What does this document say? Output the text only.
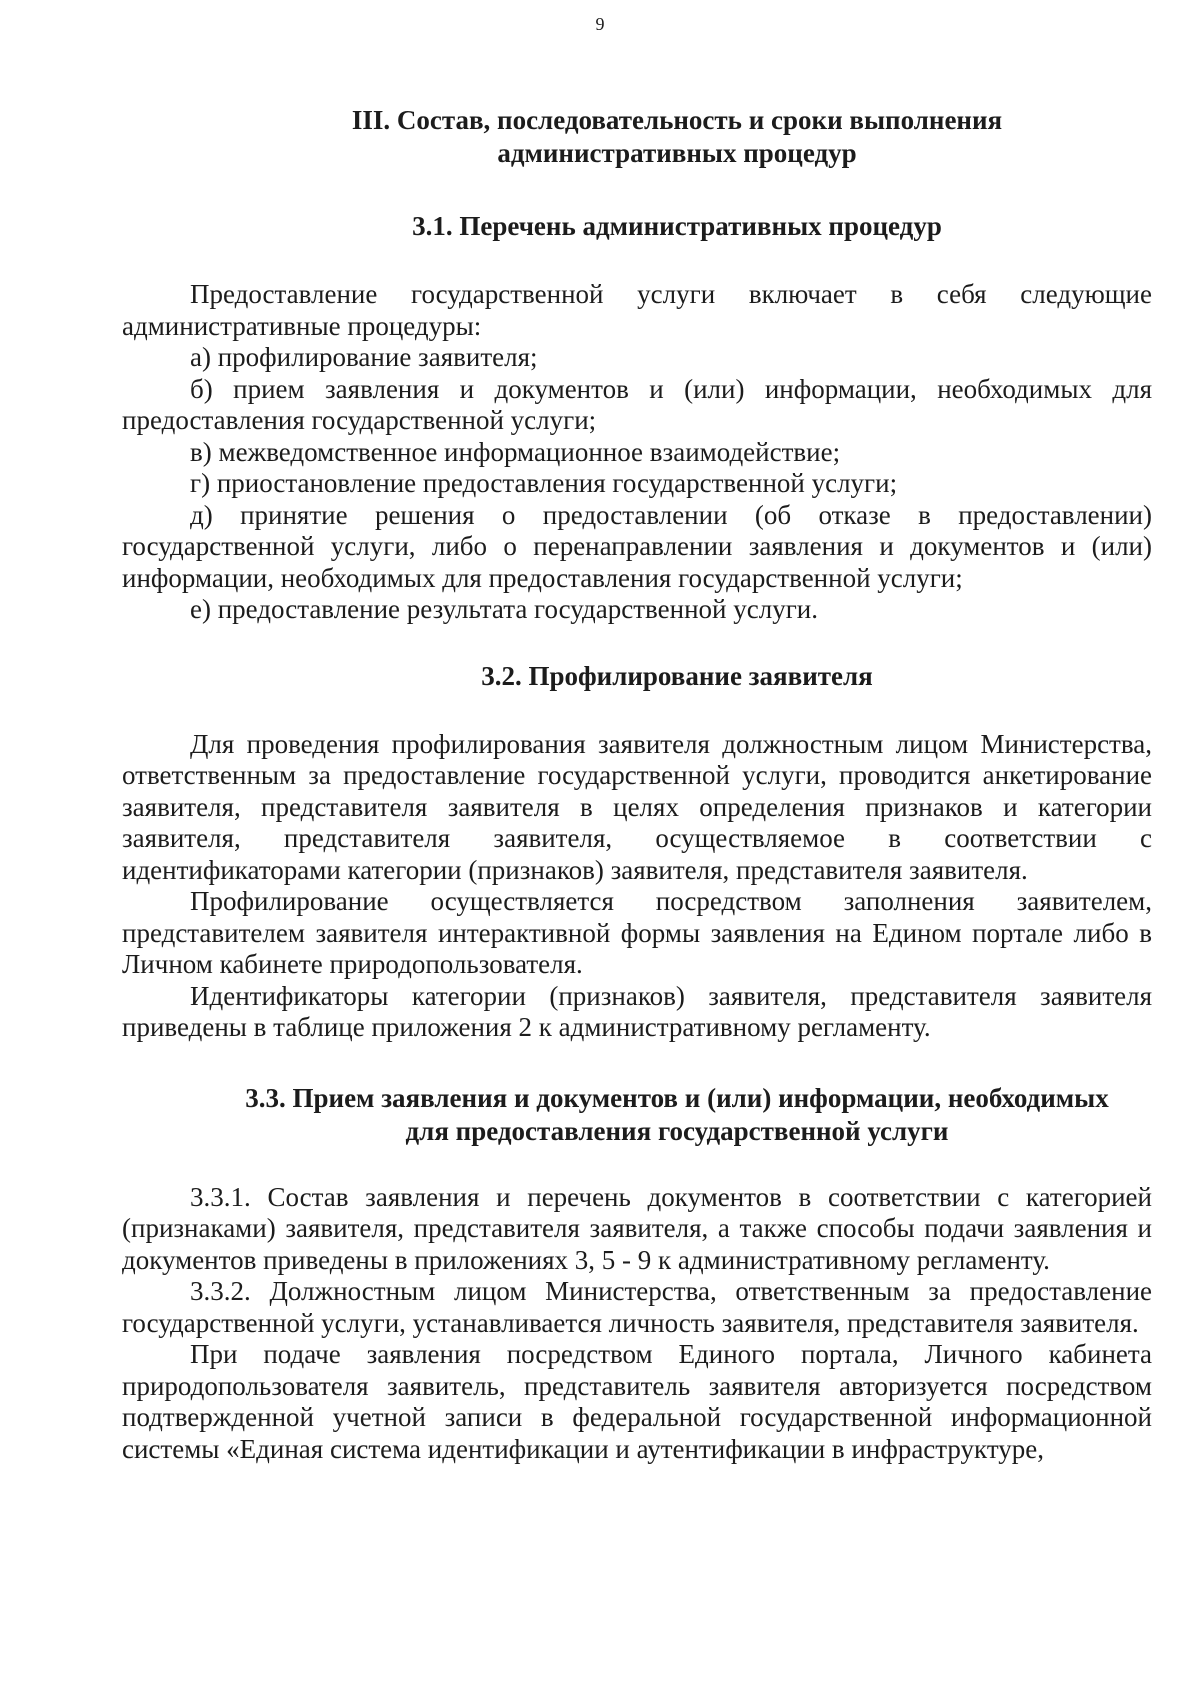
9
III. Состав, последовательность и сроки выполнения
административных процедур
3.1. Перечень административных процедур

Предоставление государственной услуги включает в себя следующие административные процедуры:

а) профилирование заявителя;

б) прием заявления и документов и (или) информации, необходимых для предоставления государственной услуги;

в) межведомственное информационное взаимодействие;

г) приостановление предоставления государственной услуги;

д) принятие решения о предоставлении (об отказе в предоставлении) государственной услуги, либо о перенаправлении заявления и документов и (или) информации, необходимых для предоставления государственной услуги;

е) предоставление результата государственной услуги.

3.2. Профилирование заявителя

Для проведения профилирования заявителя должностным лицом Министерства, ответственным за предоставление государственной услуги, проводится анкетирование заявителя, представителя заявителя в целях определения признаков и категории заявителя, представителя заявителя, осуществляемое в соответствии с идентификаторами категории (признаков) заявителя, представителя заявителя.

Профилирование осуществляется посредством заполнения заявителем, представителем заявителя интерактивной формы заявления на Едином портале либо в Личном кабинете природопользователя.

Идентификаторы категории (признаков) заявителя, представителя заявителя приведены в таблице приложения 2 к административному регламенту.

3.3. Прием заявления и документов и (или) информации, необходимых
для предоставления государственной услуги

3.3.1. Состав заявления и перечень документов в соответствии с категорией (признаками) заявителя, представителя заявителя, а также способы подачи заявления и документов приведены в приложениях 3, 5 - 9 к административному регламенту.

3.3.2. Должностным лицом Министерства, ответственным за предоставление государственной услуги, устанавливается личность заявителя, представителя заявителя.

При подаче заявления посредством Единого портала, Личного кабинета природопользователя заявитель, представитель заявителя авторизуется посредством подтвержденной учетной записи в федеральной государственной информационной системы «Единая система идентификации и аутентификации в инфраструктуре,
